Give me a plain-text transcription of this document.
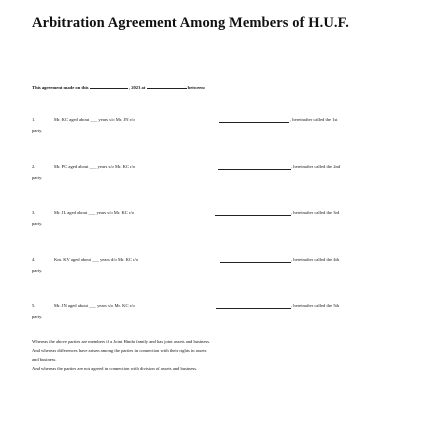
Arbitration Agreement Among Members of H.U.F.
This agreement made on this	, 2023 at	between:
1.	Mr. KC aged about ___ years s/o Mr. JN r/o	, hereinafter called the 1st
party.
2.	Mr. PC aged about ___ years s/o Mr. KC r/o	, hereinafter called the 2nd
party.
3.	Mr. JL aged about ___ years s/o Mr. KC r/o	, hereinafter called the 3rd
party.
4.	Km. KV aged about ___ years d/o Mr. KC r/o	, hereinafter called the 4th
party.
5.	Mr. JN aged about ___ years s/o Mr. KC r/o	, hereinafter called the 5th
party.

Whereas the above parties are members if a Joint Hindu family and has joint assets and business.

And whereas differences have arisen among the parties in connection with their rights in assets

and business.

And whereas the parties are not agreed in connection with division of assets and business.
